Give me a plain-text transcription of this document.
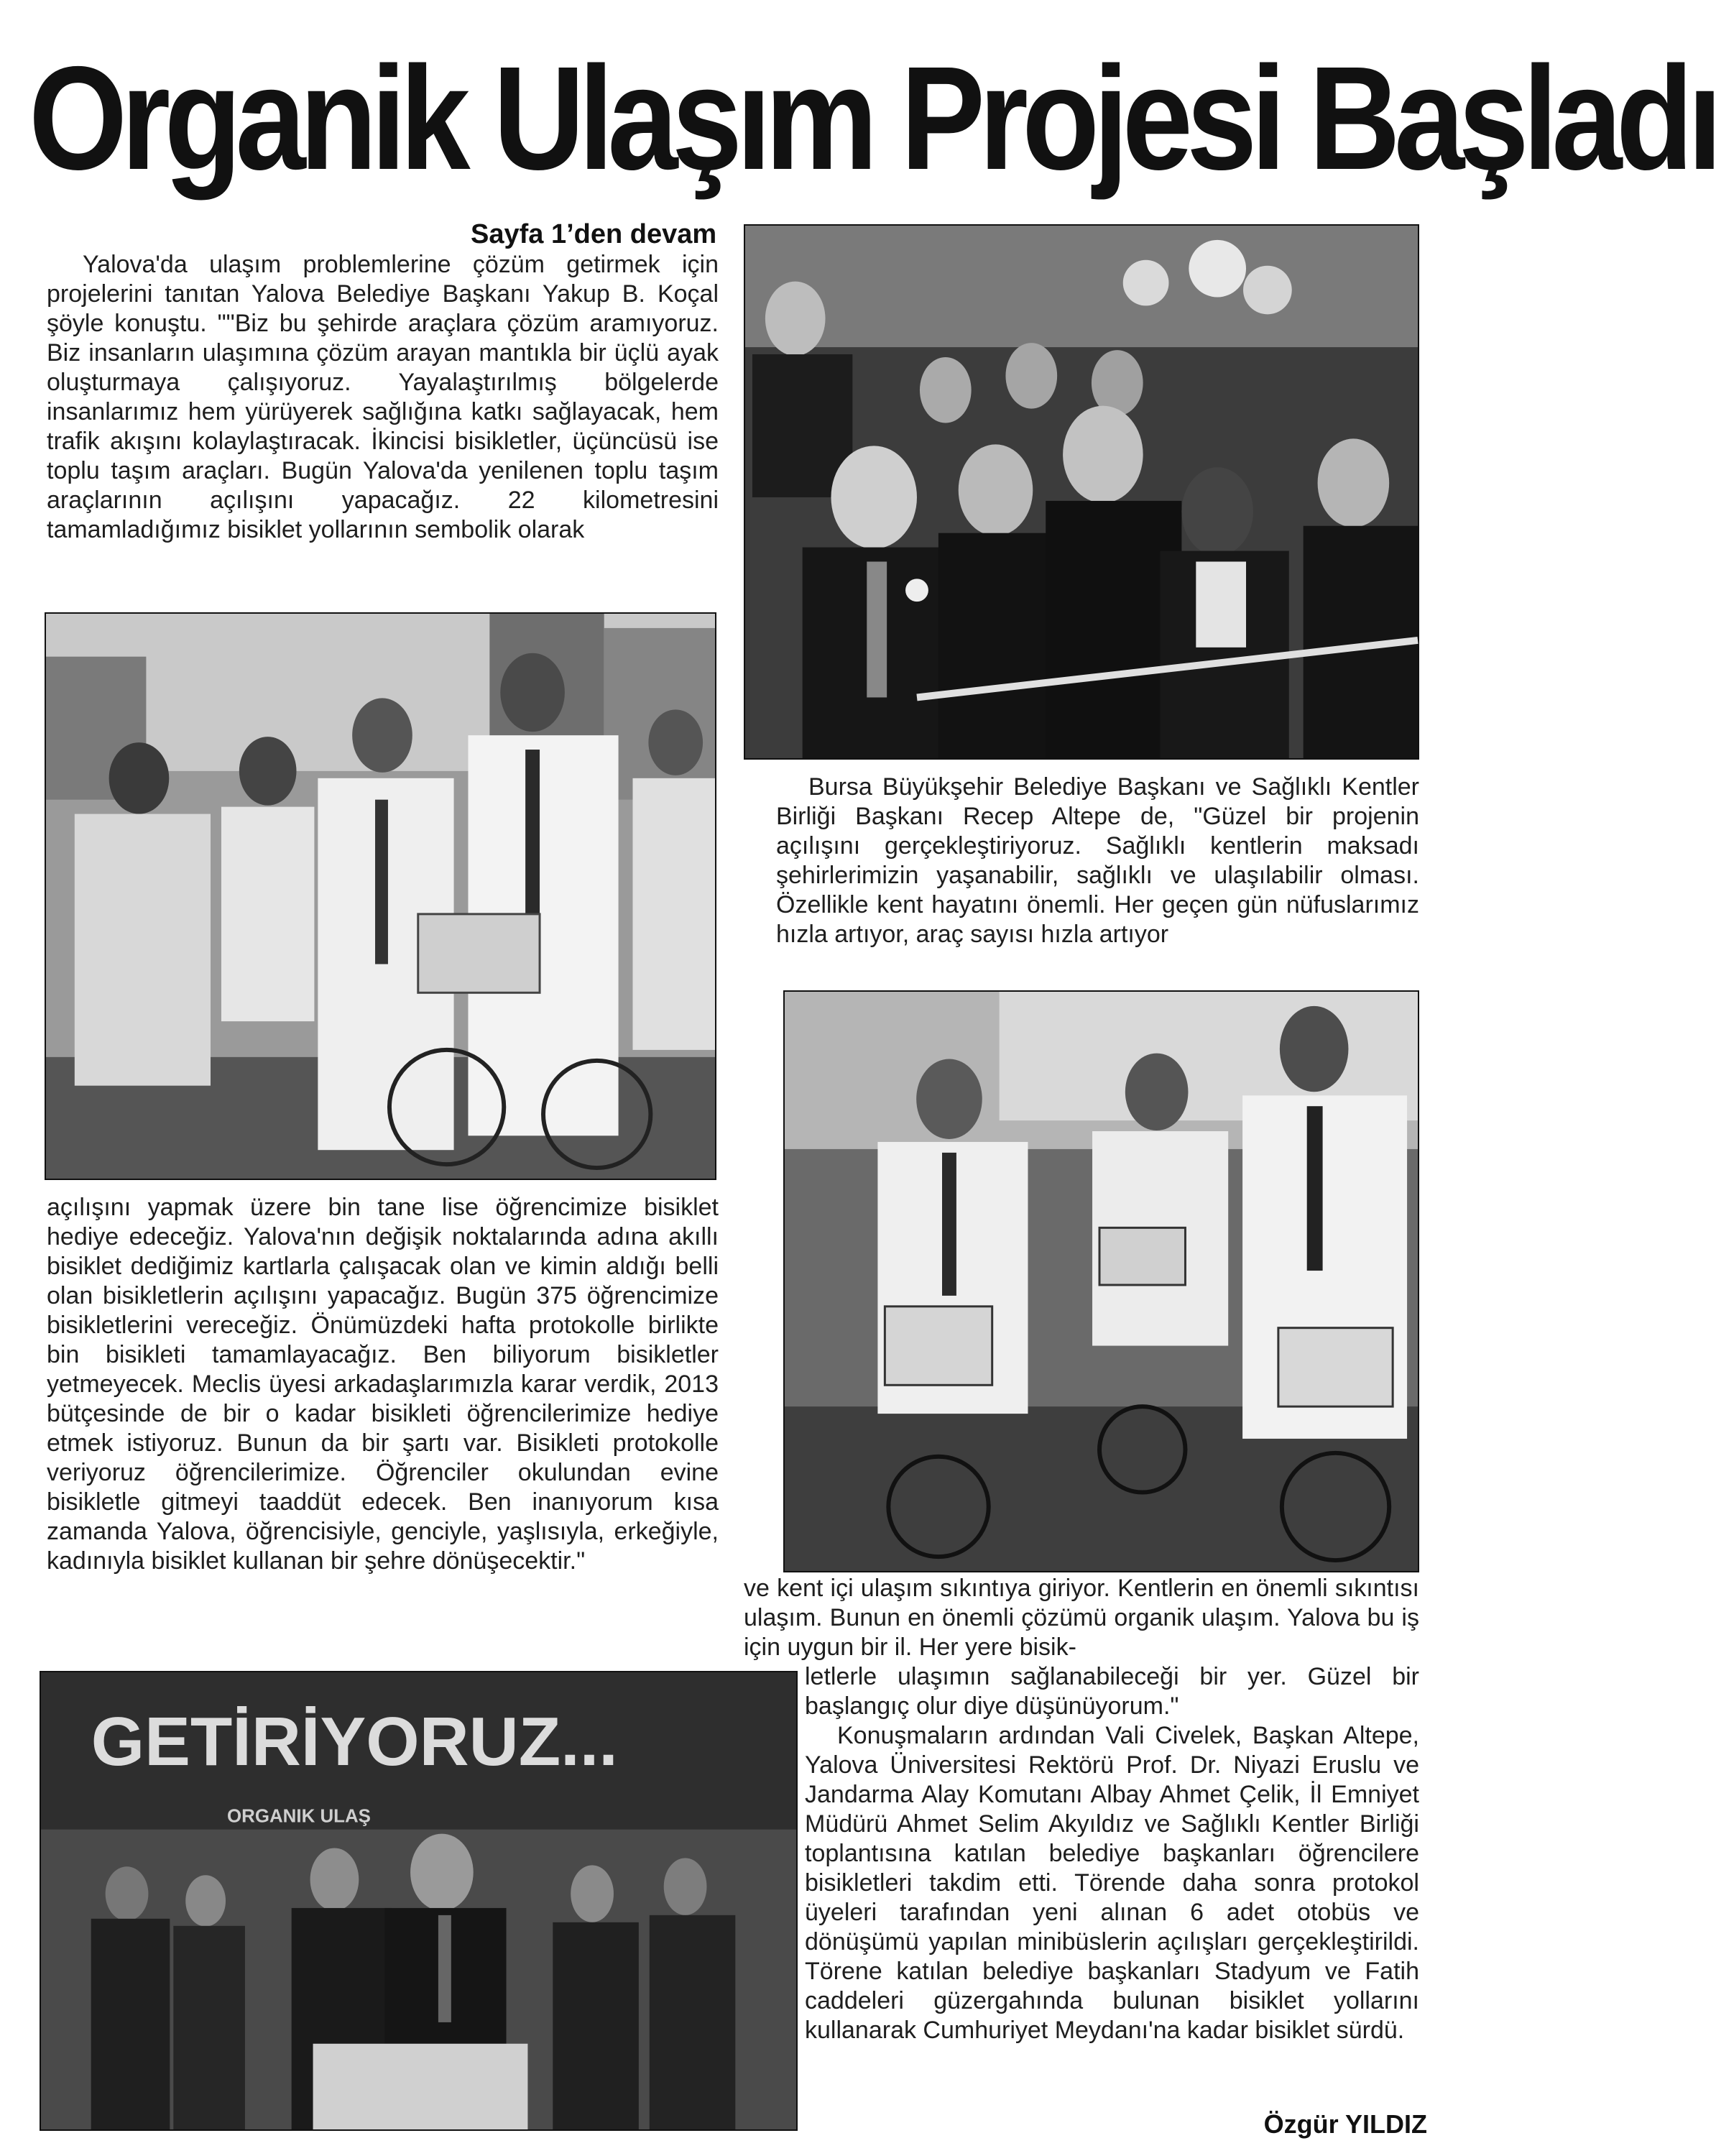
Organik Ulaşım Projesi Başladı
Sayfa 1’den devam

Yalova'da ulaşım problemlerine çözüm getirmek için projelerini tanıtan Yalova Belediye Başkanı Yakup B. Koçal şöyle konuştu. ""Biz bu şehirde araçlara çözüm aramıyoruz. Biz insanların ulaşımına çözüm arayan mantıkla bir üçlü ayak oluşturmaya çalışıyoruz. Yayalaştırılmış bölgelerde insanlarımız hem yürüyerek sağlığına katkı sağlayacak, hem trafik akışını kolaylaştıracak. İkincisi bisikletler, üçüncüsü ise toplu taşım araçları. Bugün Yalova'da yenilenen toplu taşım araçlarının açılışını yapacağız. 22 kilometresini tamamladığımız bisiklet yollarının sembolik olarak

açılışını yapmak üzere bin tane lise öğrencimize bisiklet hediye edeceğiz. Yalova'nın değişik noktalarında adına akıllı bisiklet dediğimiz kartlarla çalışacak olan ve kimin aldığı belli olan bisikletlerin açılışını yapacağız. Bugün 375 öğrencimize bisikletlerini vereceğiz. Önümüzdeki hafta protokolle birlikte bin bisikleti tamamlayacağız. Ben biliyorum bisikletler yetmeyecek. Meclis üyesi arkadaşlarımızla karar verdik, 2013 bütçesinde de bir o kadar bisikleti öğrencilerimize hediye etmek istiyoruz. Bunun da bir şartı var. Bisikleti protokolle veriyoruz öğrencilerimize. Öğrenciler okulundan evine bisikletle gitmeyi taaddüt edecek. Ben inanıyorum kısa zamanda Yalova, öğrencisiyle, genciyle, yaşlısıyla, erkeğiyle, kadınıyla bisiklet kullanan bir şehre dönüşecektir."

GETİRİYORUZ...
ORGANIK ULAŞ

Bursa Büyükşehir Belediye Başkanı ve Sağlıklı Kentler Birliği Başkanı Recep Altepe de, "Güzel bir projenin açılışını gerçekleştiriyoruz. Sağlıklı kentlerin maksadı şehirlerimizin yaşanabilir, sağlıklı ve ulaşılabilir olması. Özellikle kent hayatını önemli. Her geçen gün nüfuslarımız hızla artıyor, araç sayısı hızla artıyor

ve kent içi ulaşım sıkıntıya giriyor. Kentlerin en önemli sıkıntısı ulaşım. Bunun en önemli çözümü organik ulaşım. Yalova bu iş için uygun bir il. Her yere bisik-

letlerle ulaşımın sağlanabileceği bir yer. Güzel bir başlangıç olur diye düşünüyorum."

Konuşmaların ardından Vali Civelek, Başkan Altepe, Yalova Üniversitesi Rektörü Prof. Dr. Niyazi Eruslu ve Jandarma Alay Komutanı Albay Ahmet Çelik, İl Emniyet Müdürü Ahmet Selim Akyıldız ve Sağlıklı Kentler Birliği toplantısına katılan belediye başkanları öğrencilere bisikletleri takdim etti. Törende daha sonra protokol üyeleri tarafından yeni alınan 6 adet otobüs ve dönüşümü yapılan minibüslerin açılışları gerçekleştirildi. Törene katılan belediye başkanları Stadyum ve Fatih caddeleri güzergahında bulunan bisiklet yollarını kullanarak Cumhuriyet Meydanı'na kadar bisiklet sürdü.

Özgür YILDIZ
